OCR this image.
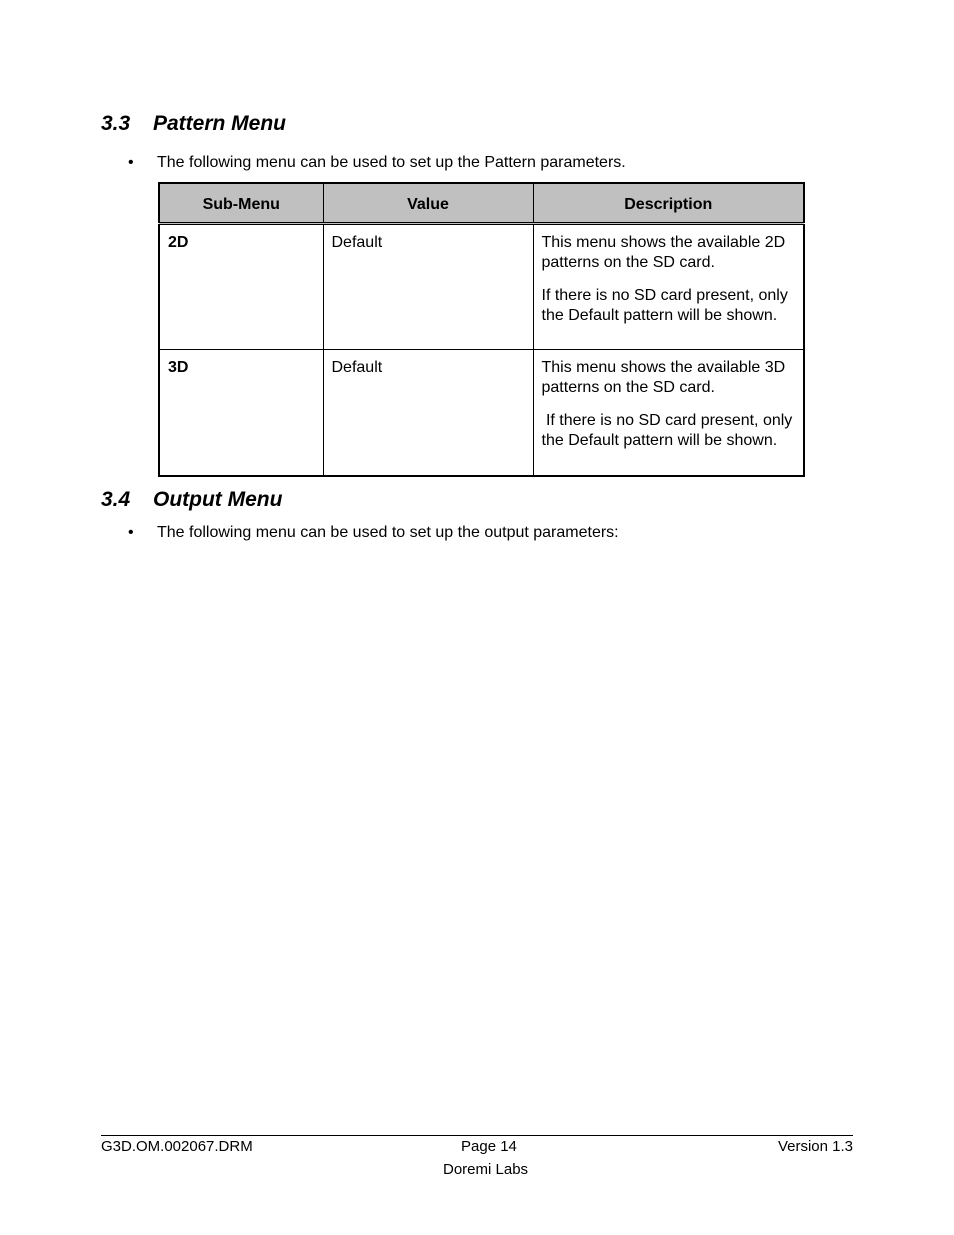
3.3 Pattern Menu
• The following menu can be used to set up the Pattern parameters.
Sub-Menu	Value	Description
2D	Default	This menu shows the available 2D patterns on the SD card.

If there is no SD card present, only the Default pattern will be shown.

3D	Default	This menu shows the available 3D patterns on the SD card.

If there is no SD card present, only the Default pattern will be shown.

3.4 Output Menu
• The following menu can be used to set up the output parameters:
G3D.OM.002067.DRM	Page 14	Version 1.3
Doremi Labs
